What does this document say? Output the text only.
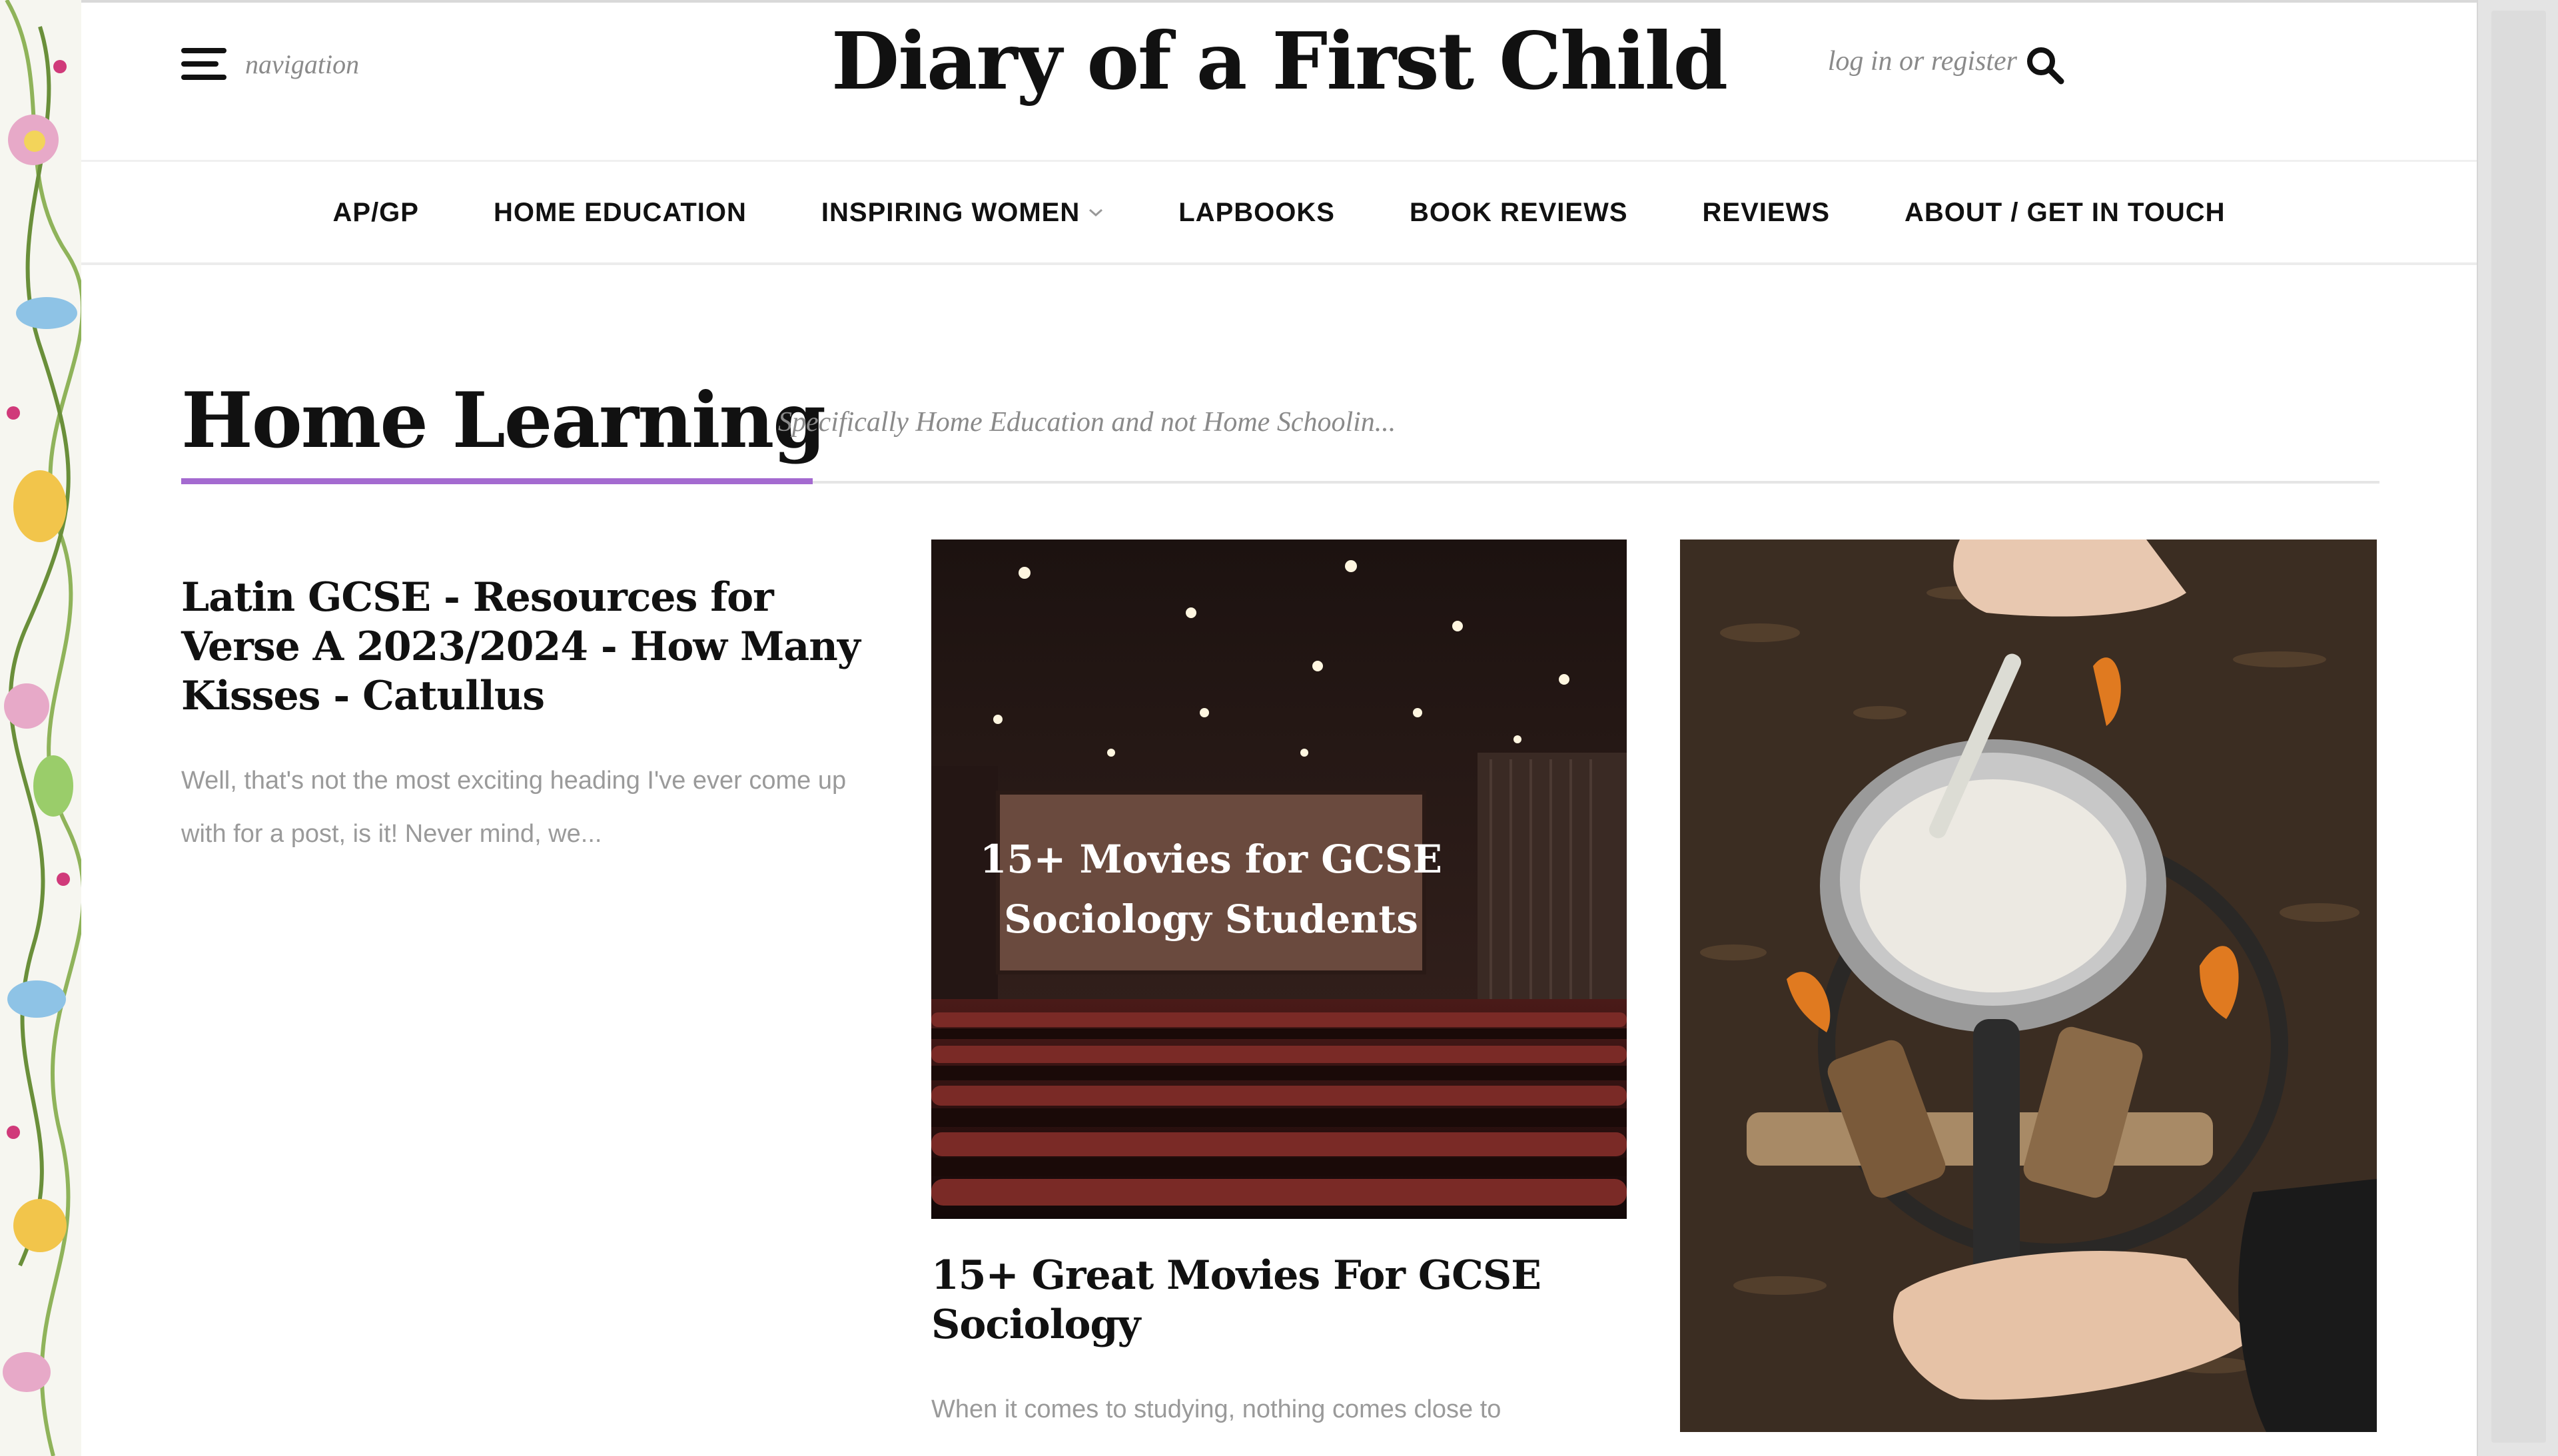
navigation	Diary of a First Child	log in or register
AP/GP	HOME EDUCATION	INSPIRING WOMEN	LAPBOOKS	BOOK REVIEWS	REVIEWS	ABOUT / GET IN TOUCH
Home Learning
Specifically Home Education and not Home Schoolin...
Latin GCSE - Resources for Verse A 2023/2024 - How Many Kisses - Catullus
Well, that's not the most exciting heading I've ever come up with for a post, is it! Never mind, we...
15+ Movies for GCSE
Sociology Students
15+ Great Movies For GCSE Sociology
When it comes to studying, nothing comes close to
